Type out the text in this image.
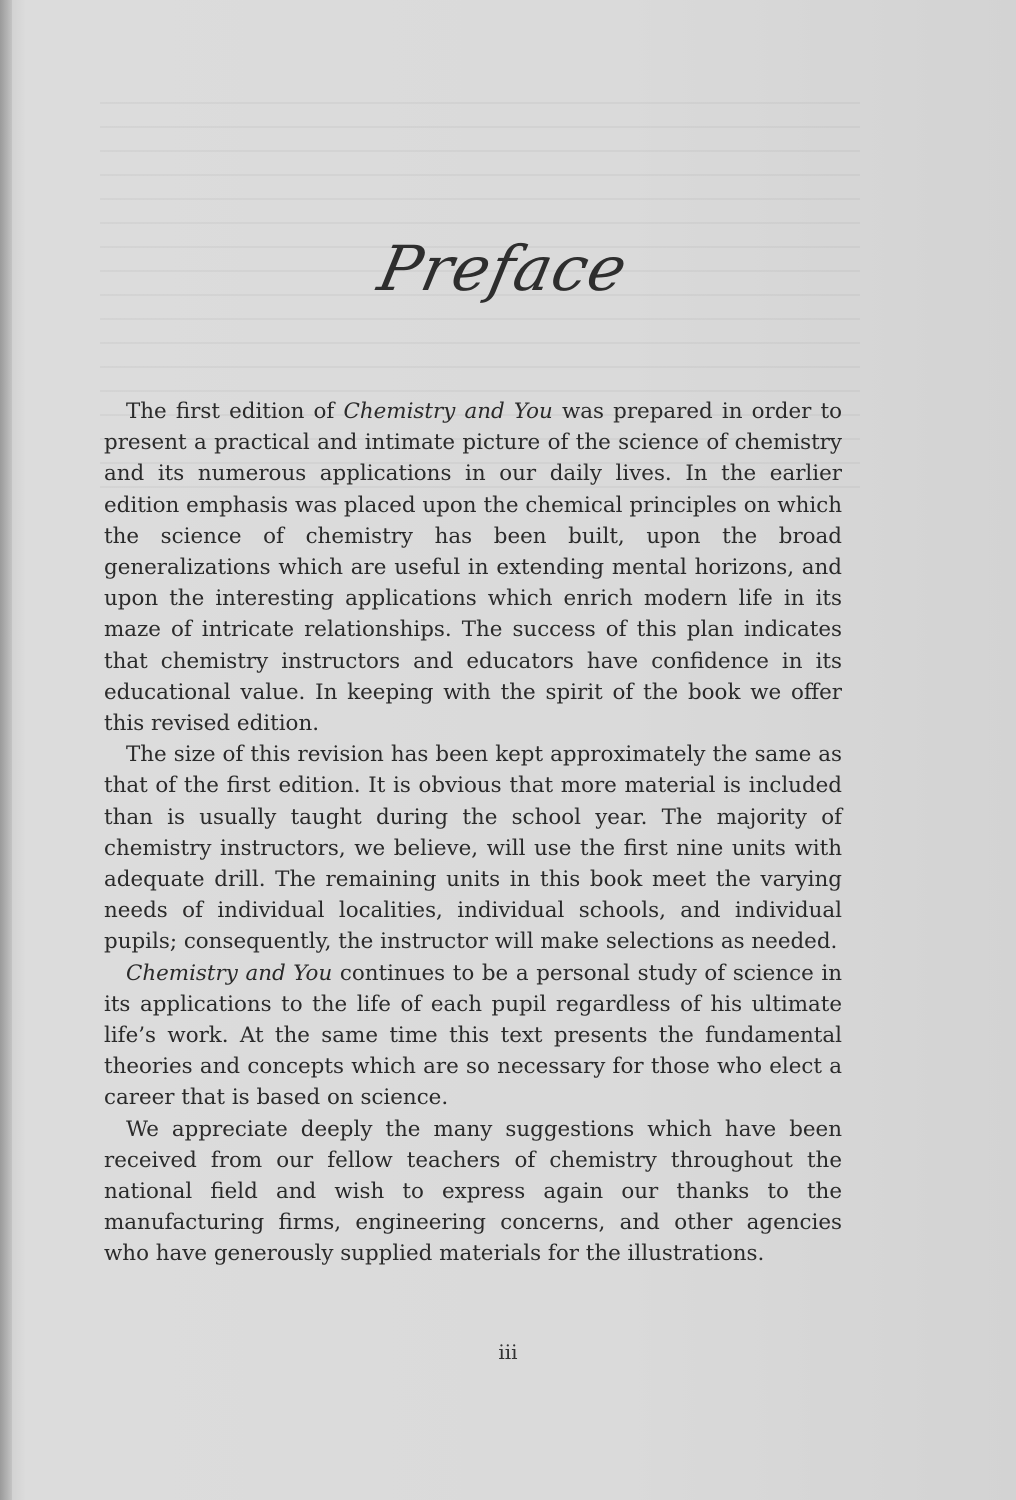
Preface

The first edition of Chemistry and You was prepared in order to present a practical and intimate picture of the science of chemistry and its numerous applications in our daily lives. In the earlier edition emphasis was placed upon the chemical principles on which the science of chemistry has been built, upon the broad generalizations which are useful in extending mental horizons, and upon the interesting applications which enrich modern life in its maze of intricate relationships. The success of this plan indicates that chemistry instructors and educators have confidence in its educational value. In keeping with the spirit of the book we offer this revised edition.

The size of this revision has been kept approximately the same as that of the first edition. It is obvious that more material is included than is usually taught during the school year. The majority of chemistry instructors, we believe, will use the first nine units with adequate drill. The remaining units in this book meet the varying needs of individual localities, individual schools, and individual pupils; consequently, the instructor will make selections as needed.

Chemistry and You continues to be a personal study of science in its applications to the life of each pupil regardless of his ultimate life’s work. At the same time this text presents the fundamental theories and concepts which are so necessary for those who elect a career that is based on science.

We appreciate deeply the many suggestions which have been received from our fellow teachers of chemistry throughout the national field and wish to express again our thanks to the manufacturing firms, engineering concerns, and other agencies who have generously supplied materials for the illustrations.

iii
